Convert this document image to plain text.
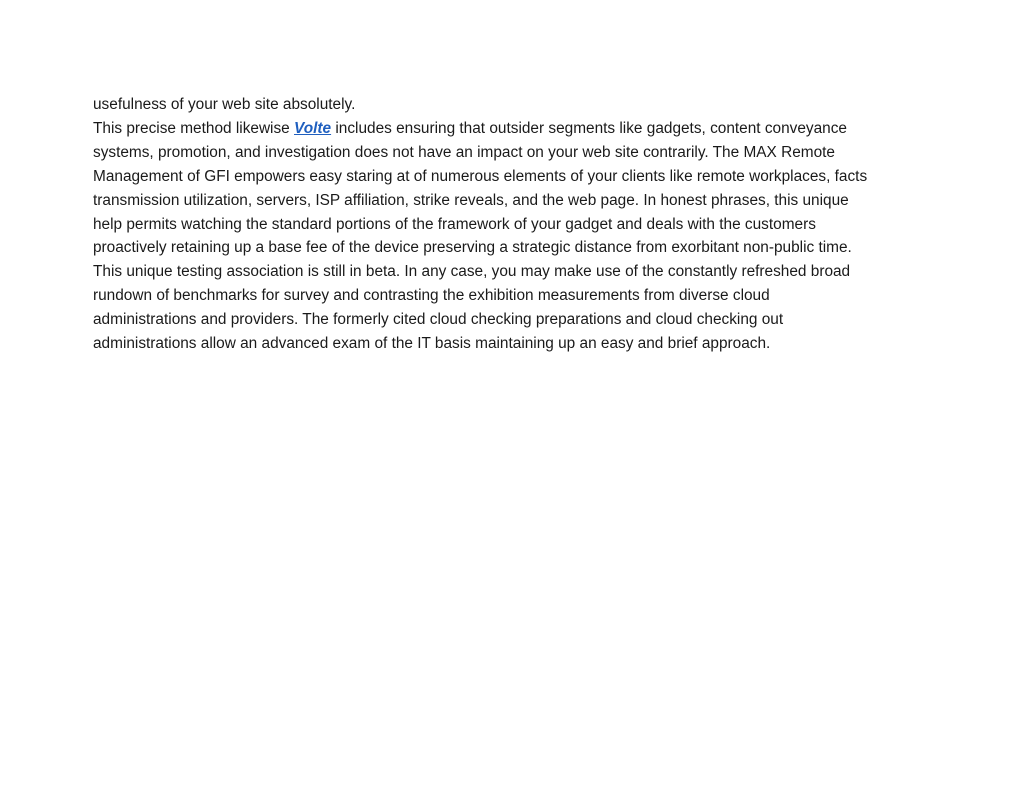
usefulness of your web site absolutely.
This precise method likewise Volte includes ensuring that outsider segments like gadgets, content conveyance
systems, promotion, and investigation does not have an impact on your web site contrarily. The MAX Remote
Management of GFI empowers easy staring at of numerous elements of your clients like remote workplaces, facts
transmission utilization, servers, ISP affiliation, strike reveals, and the web page. In honest phrases, this unique
help permits watching the standard portions of the framework of your gadget and deals with the customers
proactively retaining up a base fee of the device preserving a strategic distance from exorbitant non-public time.
This unique testing association is still in beta. In any case, you may make use of the constantly refreshed broad
rundown of benchmarks for survey and contrasting the exhibition measurements from diverse cloud
administrations and providers. The formerly cited cloud checking preparations and cloud checking out
administrations allow an advanced exam of the IT basis maintaining up an easy and brief approach.
